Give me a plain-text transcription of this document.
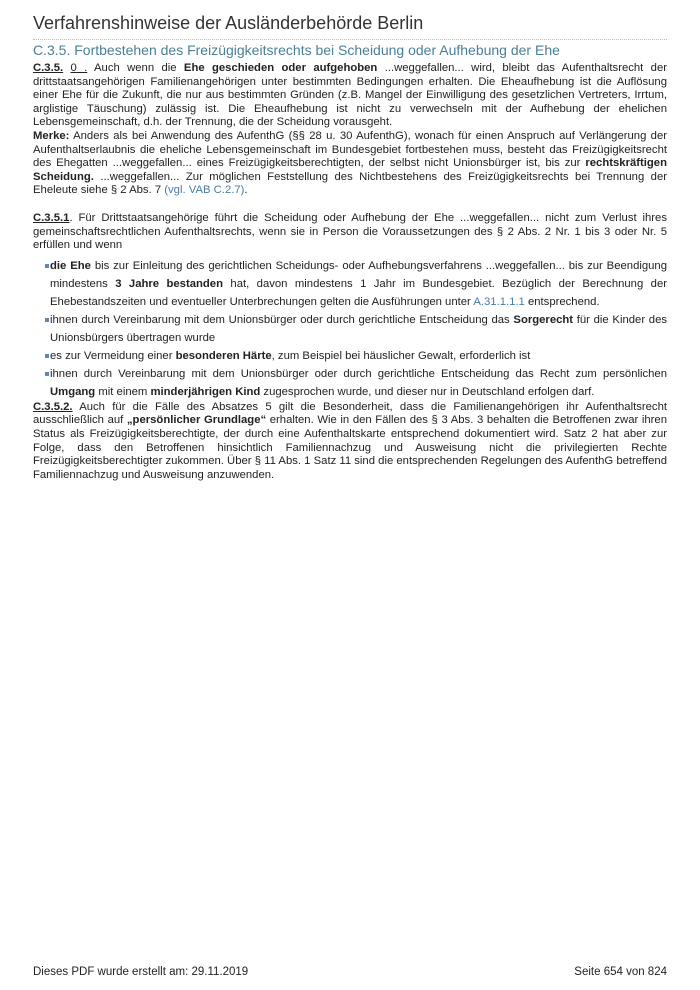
Verfahrenshinweise der Ausländerbehörde Berlin
C.3.5. Fortbestehen des Freizügigkeitsrechts bei Scheidung oder Aufhebung der Ehe

C.3.5. 0 . Auch wenn die Ehe geschieden oder aufgehoben ...weggefallen... wird, bleibt das Aufenthaltsrecht der drittstaatsangehörigen Familienangehörigen unter bestimmten Bedingungen erhalten. Die Eheaufhebung ist die Auflösung einer Ehe für die Zukunft, die nur aus bestimmten Gründen (z.B. Mangel der Einwilligung des gesetzlichen Vertreters, Irrtum, arglistige Täuschung) zulässig ist. Die Eheaufhebung ist nicht zu verwechseln mit der Aufhebung der ehelichen Lebensgemeinschaft, d.h. der Trennung, die der Scheidung vorausgeht.

Merke: Anders als bei Anwendung des AufenthG (§§ 28 u. 30 AufenthG), wonach für einen Anspruch auf Verlängerung der Aufenthaltserlaubnis die eheliche Lebensgemeinschaft im Bundesgebiet fortbestehen muss, besteht das Freizügigkeitsrecht des Ehegatten ...weggefallen... eines Freizügigkeitsberechtigten, der selbst nicht Unionsbürger ist, bis zur rechtskräftigen Scheidung. ...weggefallen... Zur möglichen Feststellung des Nichtbestehens des Freizügigkeitsrechts bei Trennung der Eheleute siehe § 2 Abs. 7 (vgl. VAB C.2.7).

C.3.5.1. Für Drittstaatsangehörige führt die Scheidung oder Aufhebung der Ehe ...weggefallen... nicht zum Verlust ihres gemeinschaftsrechtlichen Aufenthaltsrechts, wenn sie in Person die Voraussetzungen des § 2 Abs. 2 Nr. 1 bis 3 oder Nr. 5 erfüllen und wenn

die Ehe bis zur Einleitung des gerichtlichen Scheidungs- oder Aufhebungsverfahrens ...weggefallen... bis zur Beendigung mindestens 3 Jahre bestanden hat, davon mindestens 1 Jahr im Bundesgebiet. Bezüglich der Berechnung der Ehebestandszeiten und eventueller Unterbrechungen gelten die Ausführungen unter A.31.1.1.1 entsprechend.
ihnen durch Vereinbarung mit dem Unionsbürger oder durch gerichtliche Entscheidung das Sorgerecht für die Kinder des Unionsbürgers übertragen wurde
es zur Vermeidung einer besonderen Härte, zum Beispiel bei häuslicher Gewalt, erforderlich ist
ihnen durch Vereinbarung mit dem Unionsbürger oder durch gerichtliche Entscheidung das Recht zum persönlichen Umgang mit einem minderjährigen Kind zugesprochen wurde, und dieser nur in Deutschland erfolgen darf.

C.3.5.2. Auch für die Fälle des Absatzes 5 gilt die Besonderheit, dass die Familienangehörigen ihr Aufenthaltsrecht ausschließlich auf „persönlicher Grundlage“ erhalten. Wie in den Fällen des § 3 Abs. 3 behalten die Betroffenen zwar ihren Status als Freizügigkeitsberechtigte, der durch eine Aufenthaltskarte entsprechend dokumentiert wird. Satz 2 hat aber zur Folge, dass den Betroffenen hinsichtlich Familiennachzug und Ausweisung nicht die privilegierten Rechte Freizügigkeitsberechtigter zukommen. Über § 11 Abs. 1 Satz 11 sind die entsprechenden Regelungen des AufenthG betreffend Familiennachzug und Ausweisung anzuwenden.

Dieses PDF wurde erstellt am: 29.11.2019	Seite 654 von 824
